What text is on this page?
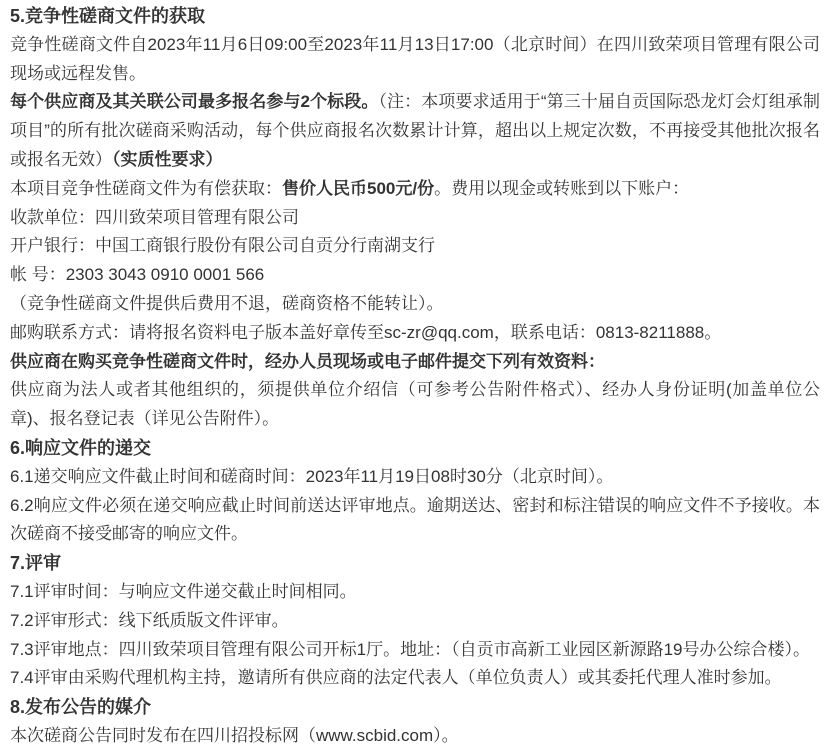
5.竞争性磋商文件的获取

竞争性磋商文件自2023年11月6日09:00至2023年11月13日17:00（北京时间）在四川致荣项目管理有限公司现场或远程发售。

每个供应商及其关联公司最多报名参与2个标段。（注：本项要求适用于“第三十届自贡国际恐龙灯会灯组承制项目”的所有批次磋商采购活动，每个供应商报名次数累计计算，超出以上规定次数，不再接受其他批次报名或报名无效）（实质性要求）

本项目竞争性磋商文件为有偿获取：售价人民币500元/份。费用以现金或转账到以下账户：

收款单位：四川致荣项目管理有限公司

开户银行：中国工商银行股份有限公司自贡分行南湖支行

帐 号：2303 3043 0910 0001 566

（竞争性磋商文件提供后费用不退，磋商资格不能转让）。

邮购联系方式：请将报名资料电子版本盖好章传至sc-zr@qq.com，联系电话：0813-8211888。

供应商在购买竞争性磋商文件时，经办人员现场或电子邮件提交下列有效资料：

供应商为法人或者其他组织的，须提供单位介绍信（可参考公告附件格式）、经办人身份证明(加盖单位公章)、报名登记表（详见公告附件）。

6.响应文件的递交

6.1递交响应文件截止时间和磋商时间：2023年11月19日08时30分（北京时间）。

6.2响应文件必须在递交响应截止时间前送达评审地点。逾期送达、密封和标注错误的响应文件不予接收。本次磋商不接受邮寄的响应文件。

7.评审

7.1评审时间：与响应文件递交截止时间相同。

7.2评审形式：线下纸质版文件评审。

7.3评审地点：四川致荣项目管理有限公司开标1厅。地址：（自贡市高新工业园区新源路19号办公综合楼）。

7.4评审由采购代理机构主持，邀请所有供应商的法定代表人（单位负责人）或其委托代理人准时参加。

8.发布公告的媒介

本次磋商公告同时发布在四川招投标网（www.scbid.com）。
